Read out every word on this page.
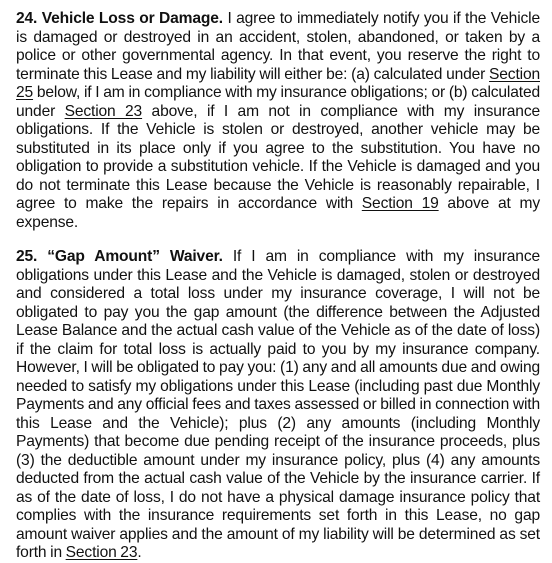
24. Vehicle Loss or Damage. I agree to immediately notify you if the Vehicle is damaged or destroyed in an accident, stolen, abandoned, or taken by a police or other governmental agency. In that event, you reserve the right to terminate this Lease and my liability will either be: (a) calculated under Section 25 below, if I am in compliance with my insurance obligations; or (b) calculated under Section 23 above, if I am not in compliance with my insurance obligations. If the Vehicle is stolen or destroyed, another vehicle may be substituted in its place only if you agree to the substitution. You have no obligation to provide a substitution vehicle. If the Vehicle is damaged and you do not terminate this Lease because the Vehicle is reasonably repairable, I agree to make the repairs in accordance with Section 19 above at my expense.

25. “Gap Amount” Waiver. If I am in compliance with my insurance obligations under this Lease and the Vehicle is damaged, stolen or destroyed and considered a total loss under my insurance coverage, I will not be obligated to pay you the gap amount (the difference between the Adjusted Lease Balance and the actual cash value of the Vehicle as of the date of loss) if the claim for total loss is actually paid to you by my insurance company. However, I will be obligated to pay you: (1) any and all amounts due and owing needed to satisfy my obligations under this Lease (including past due Monthly Payments and any official fees and taxes assessed or billed in connection with this Lease and the Vehicle); plus (2) any amounts (including Monthly Payments) that become due pending receipt of the insurance proceeds, plus (3) the deductible amount under my insurance policy, plus (4) any amounts deducted from the actual cash value of the Vehicle by the insurance carrier. If as of the date of loss, I do not have a physical damage insurance policy that complies with the insurance requirements set forth in this Lease, no gap amount waiver applies and the amount of my liability will be determined as set forth in Section 23.
